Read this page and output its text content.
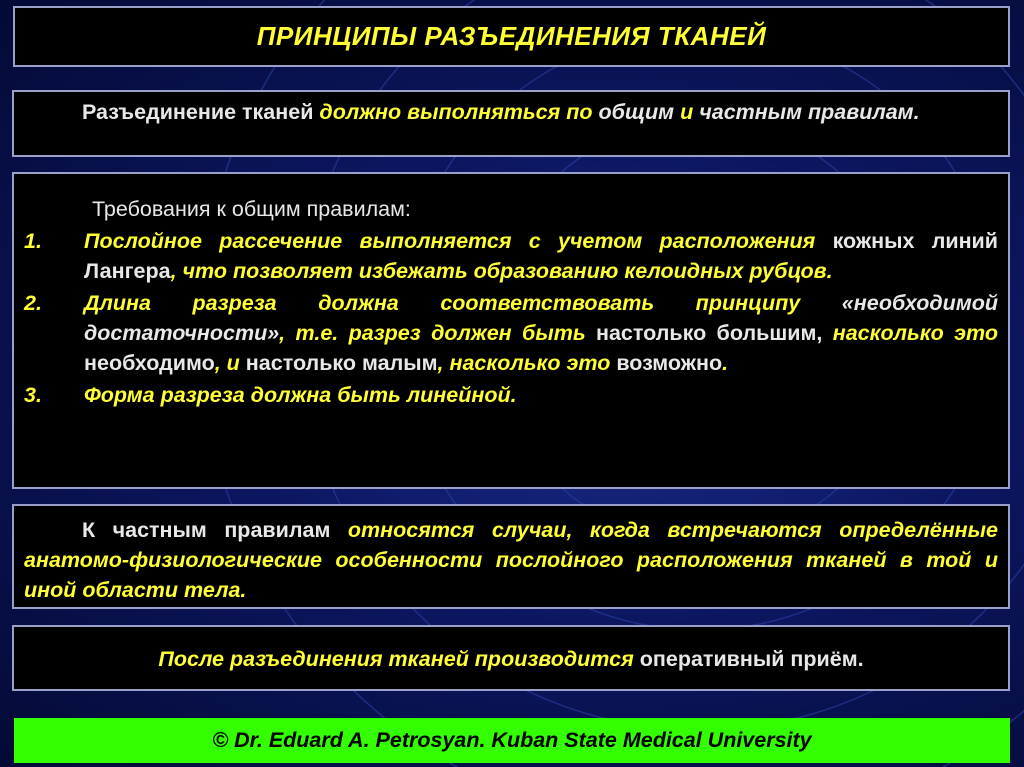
ПРИНЦИПЫ РАЗЪЕДИНЕНИЯ ТКАНЕЙ
Разъединение тканей должно выполняться по общим и частным правилам.
Требования к общим правилам:
1. Послойное рассечение выполняется с учетом расположения кожных линий Лангера, что позволяет избежать образованию келоидных рубцов.
2. Длина разреза должна соответствовать принципу «необходимой достаточности», т.е. разрез должен быть настолько большим, насколько это необходимо, и настолько малым, насколько это возможно.
3. Форма разреза должна быть линейной.
К частным правилам относятся случаи, когда встречаются определённые анатомо-физиологические особенности послойного расположения тканей в той и иной области тела.
После разъединения тканей производится оперативный приём.
© Dr. Eduard A. Petrosyan. Kuban State Medical University
